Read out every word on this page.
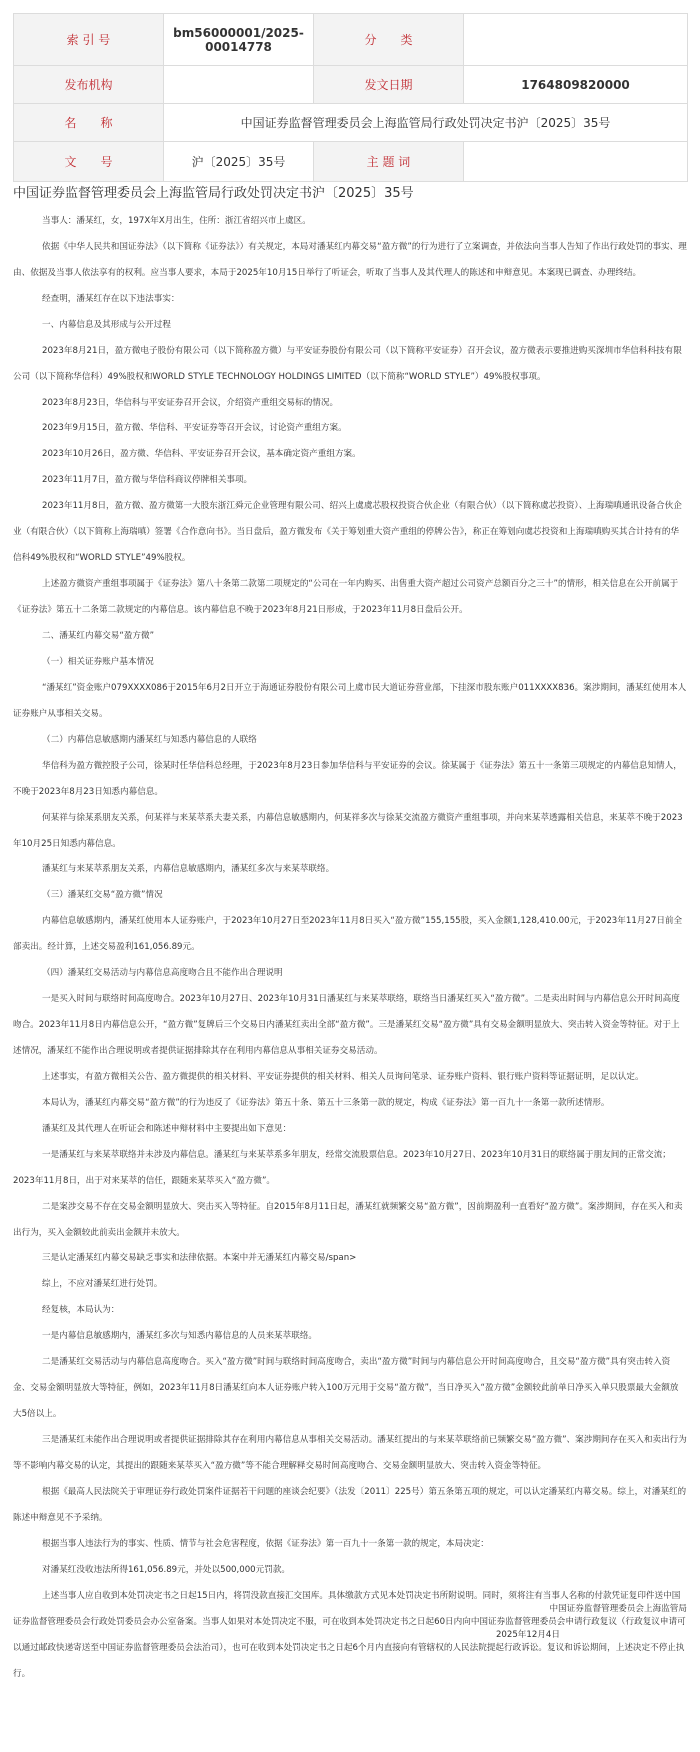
索 引 号	bm56000001/2025-00014778	分　　类	
发布机构		发文日期	1764809820000
名　　称	中国证券监督管理委员会上海监管局行政处罚决定书沪〔2025〕35号		
文　　号	沪〔2025〕35号	主 题 词	
中国证券监督管理委员会上海监管局行政处罚决定书沪〔2025〕35号

当事人：潘某红，女，197X年X月出生，住所：浙江省绍兴市上虞区。

依据《中华人民共和国证券法》（以下简称《证券法》）有关规定，本局对潘某红内幕交易“盈方微”的行为进行了立案调查，并依法向当事人告知了作出行政处罚的事实、理由、依据及当事人依法享有的权利。应当事人要求，本局于2025年10月15日举行了听证会，听取了当事人及其代理人的陈述和申辩意见。本案现已调查、办理终结。

经查明，潘某红存在以下违法事实：

一、内幕信息及其形成与公开过程

2023年8月21日，盈方微电子股份有限公司（以下简称盈方微）与平安证券股份有限公司（以下简称平安证券）召开会议，盈方微表示要推进购买深圳市华信科科技有限公司（以下简称华信科）49%股权和WORLD STYLE TECHNOLOGY HOLDINGS LIMITED（以下简称“WORLD STYLE”）49%股权事项。

2023年8月23日，华信科与平安证券召开会议，介绍资产重组交易标的情况。

2023年9月15日，盈方微、华信科、平安证券等召开会议，讨论资产重组方案。

2023年10月26日，盈方微、华信科、平安证券召开会议，基本确定资产重组方案。

2023年11月7日，盈方微与华信科商议停牌相关事项。

2023年11月8日，盈方微、盈方微第一大股东浙江舜元企业管理有限公司、绍兴上虞虞芯股权投资合伙企业（有限合伙）（以下简称虞芯投资）、上海瑞嗔通讯设备合伙企业（有限合伙）（以下简称上海瑞嗔）签署《合作意向书》。当日盘后，盈方微发布《关于筹划重大资产重组的停牌公告》，称正在筹划向虞芯投资和上海瑞嗔购买其合计持有的华信科49%股权和“WORLD STYLE”49%股权。

上述盈方微资产重组事项属于《证券法》第八十条第二款第二项规定的“公司在一年内购买、出售重大资产超过公司资产总额百分之三十”的情形，相关信息在公开前属于《证券法》第五十二条第二款规定的内幕信息。该内幕信息不晚于2023年8月21日形成，于2023年11月8日盘后公开。

二、潘某红内幕交易“盈方微”

（一）相关证券账户基本情况

“潘某红”资金账户079XXXX086于2015年6月2日开立于海通证券股份有限公司上虞市民大道证券营业部，下挂深市股东账户011XXXX836。案涉期间，潘某红使用本人证券账户从事相关交易。

（二）内幕信息敏感期内潘某红与知悉内幕信息的人联络

华信科为盈方微控股子公司，徐某时任华信科总经理，于2023年8月23日参加华信科与平安证券的会议。徐某属于《证券法》第五十一条第三项规定的内幕信息知情人，不晚于2023年8月23日知悉内幕信息。

何某祥与徐某系朋友关系，何某祥与来某萃系夫妻关系，内幕信息敏感期内，何某祥多次与徐某交流盈方微资产重组事项，并向来某萃透露相关信息，来某萃不晚于2023年10月25日知悉内幕信息。

潘某红与来某萃系朋友关系，内幕信息敏感期内，潘某红多次与来某萃联络。

（三）潘某红交易“盈方微”情况

内幕信息敏感期内，潘某红使用本人证券账户，于2023年10月27日至2023年11月8日买入“盈方微”155,155股，买入金额1,128,410.00元，于2023年11月27日前全部卖出。经计算，上述交易盈利161,056.89元。

（四）潘某红交易活动与内幕信息高度吻合且不能作出合理说明

一是买入时间与联络时间高度吻合。2023年10月27日、2023年10月31日潘某红与来某萃联络，联络当日潘某红买入“盈方微”。二是卖出时间与内幕信息公开时间高度吻合。2023年11月8日内幕信息公开，“盈方微”复牌后三个交易日内潘某红卖出全部“盈方微”。三是潘某红交易“盈方微”具有交易金额明显放大、突击转入资金等特征。对于上述情况，潘某红不能作出合理说明或者提供证据排除其存在利用内幕信息从事相关证券交易活动。

上述事实，有盈方微相关公告、盈方微提供的相关材料、平安证券提供的相关材料、相关人员询问笔录、证券账户资料、银行账户资料等证据证明，足以认定。

本局认为，潘某红内幕交易“盈方微”的行为违反了《证券法》第五十条、第五十三条第一款的规定，构成《证券法》第一百九十一条第一款所述情形。

潘某红及其代理人在听证会和陈述申辩材料中主要提出如下意见：

一是潘某红与来某萃联络并未涉及内幕信息。潘某红与来某萃系多年朋友，经常交流股票信息。2023年10月27日、2023年10月31日的联络属于朋友间的正常交流；2023年11月8日，出于对来某萃的信任，跟随来某萃买入“盈方微”。

二是案涉交易不存在交易金额明显放大、突击买入等特征。自2015年8月11日起，潘某红就频繁交易“盈方微”，因前期盈利一直看好“盈方微”。案涉期间，存在买入和卖出行为，买入金额较此前卖出金额并未放大。

三是认定潘某红内幕交易缺乏事实和法律依据。本案中并无潘某红内幕交易/span>

综上，不应对潘某红进行处罚。

经复核，本局认为：

一是内幕信息敏感期内，潘某红多次与知悉内幕信息的人员来某萃联络。

二是潘某红交易活动与内幕信息高度吻合。买入“盈方微”时间与联络时间高度吻合，卖出“盈方微”时间与内幕信息公开时间高度吻合，且交易“盈方微”具有突击转入资金、交易金额明显放大等特征，例如，2023年11月8日潘某红向本人证券账户转入100万元用于交易“盈方微”，当日净买入“盈方微”金额较此前单日净买入单只股票最大金额放大5倍以上。

三是潘某红未能作出合理说明或者提供证据排除其存在利用内幕信息从事相关交易活动。潘某红提出的与来某萃联络前已频繁交易“盈方微”、案涉期间存在买入和卖出行为等不影响内幕交易的认定，其提出的跟随来某萃买入“盈方微”等不能合理解释交易时间高度吻合、交易金额明显放大、突击转入资金等特征。

根据《最高人民法院关于审理证券行政处罚案件证据若干问题的座谈会纪要》（法发〔2011〕225号）第五条第五项的规定，可以认定潘某红内幕交易。综上，对潘某红的陈述申辩意见不予采纳。

根据当事人违法行为的事实、性质、情节与社会危害程度，依据《证券法》第一百九十一条第一款的规定，本局决定：

对潘某红没收违法所得161,056.89元，并处以500,000元罚款。

上述当事人应自收到本处罚决定书之日起15日内，将罚没款直接汇交国库。具体缴款方式见本处罚决定书所附说明。同时，须将注有当事人名称的付款凭证复印件送中国证券监督管理委员会行政处罚委员会办公室备案。当事人如果对本处罚决定不服，可在收到本处罚决定书之日起60日内向中国证券监督管理委员会申请行政复议（行政复议申请可以通过邮政快递寄送至中国证券监督管理委员会法治司），也可在收到本处罚决定书之日起6个月内直接向有管辖权的人民法院提起行政诉讼。复议和诉讼期间，上述决定不停止执行。

中国证券监督管理委员会上海监管局
2025年12月4日
